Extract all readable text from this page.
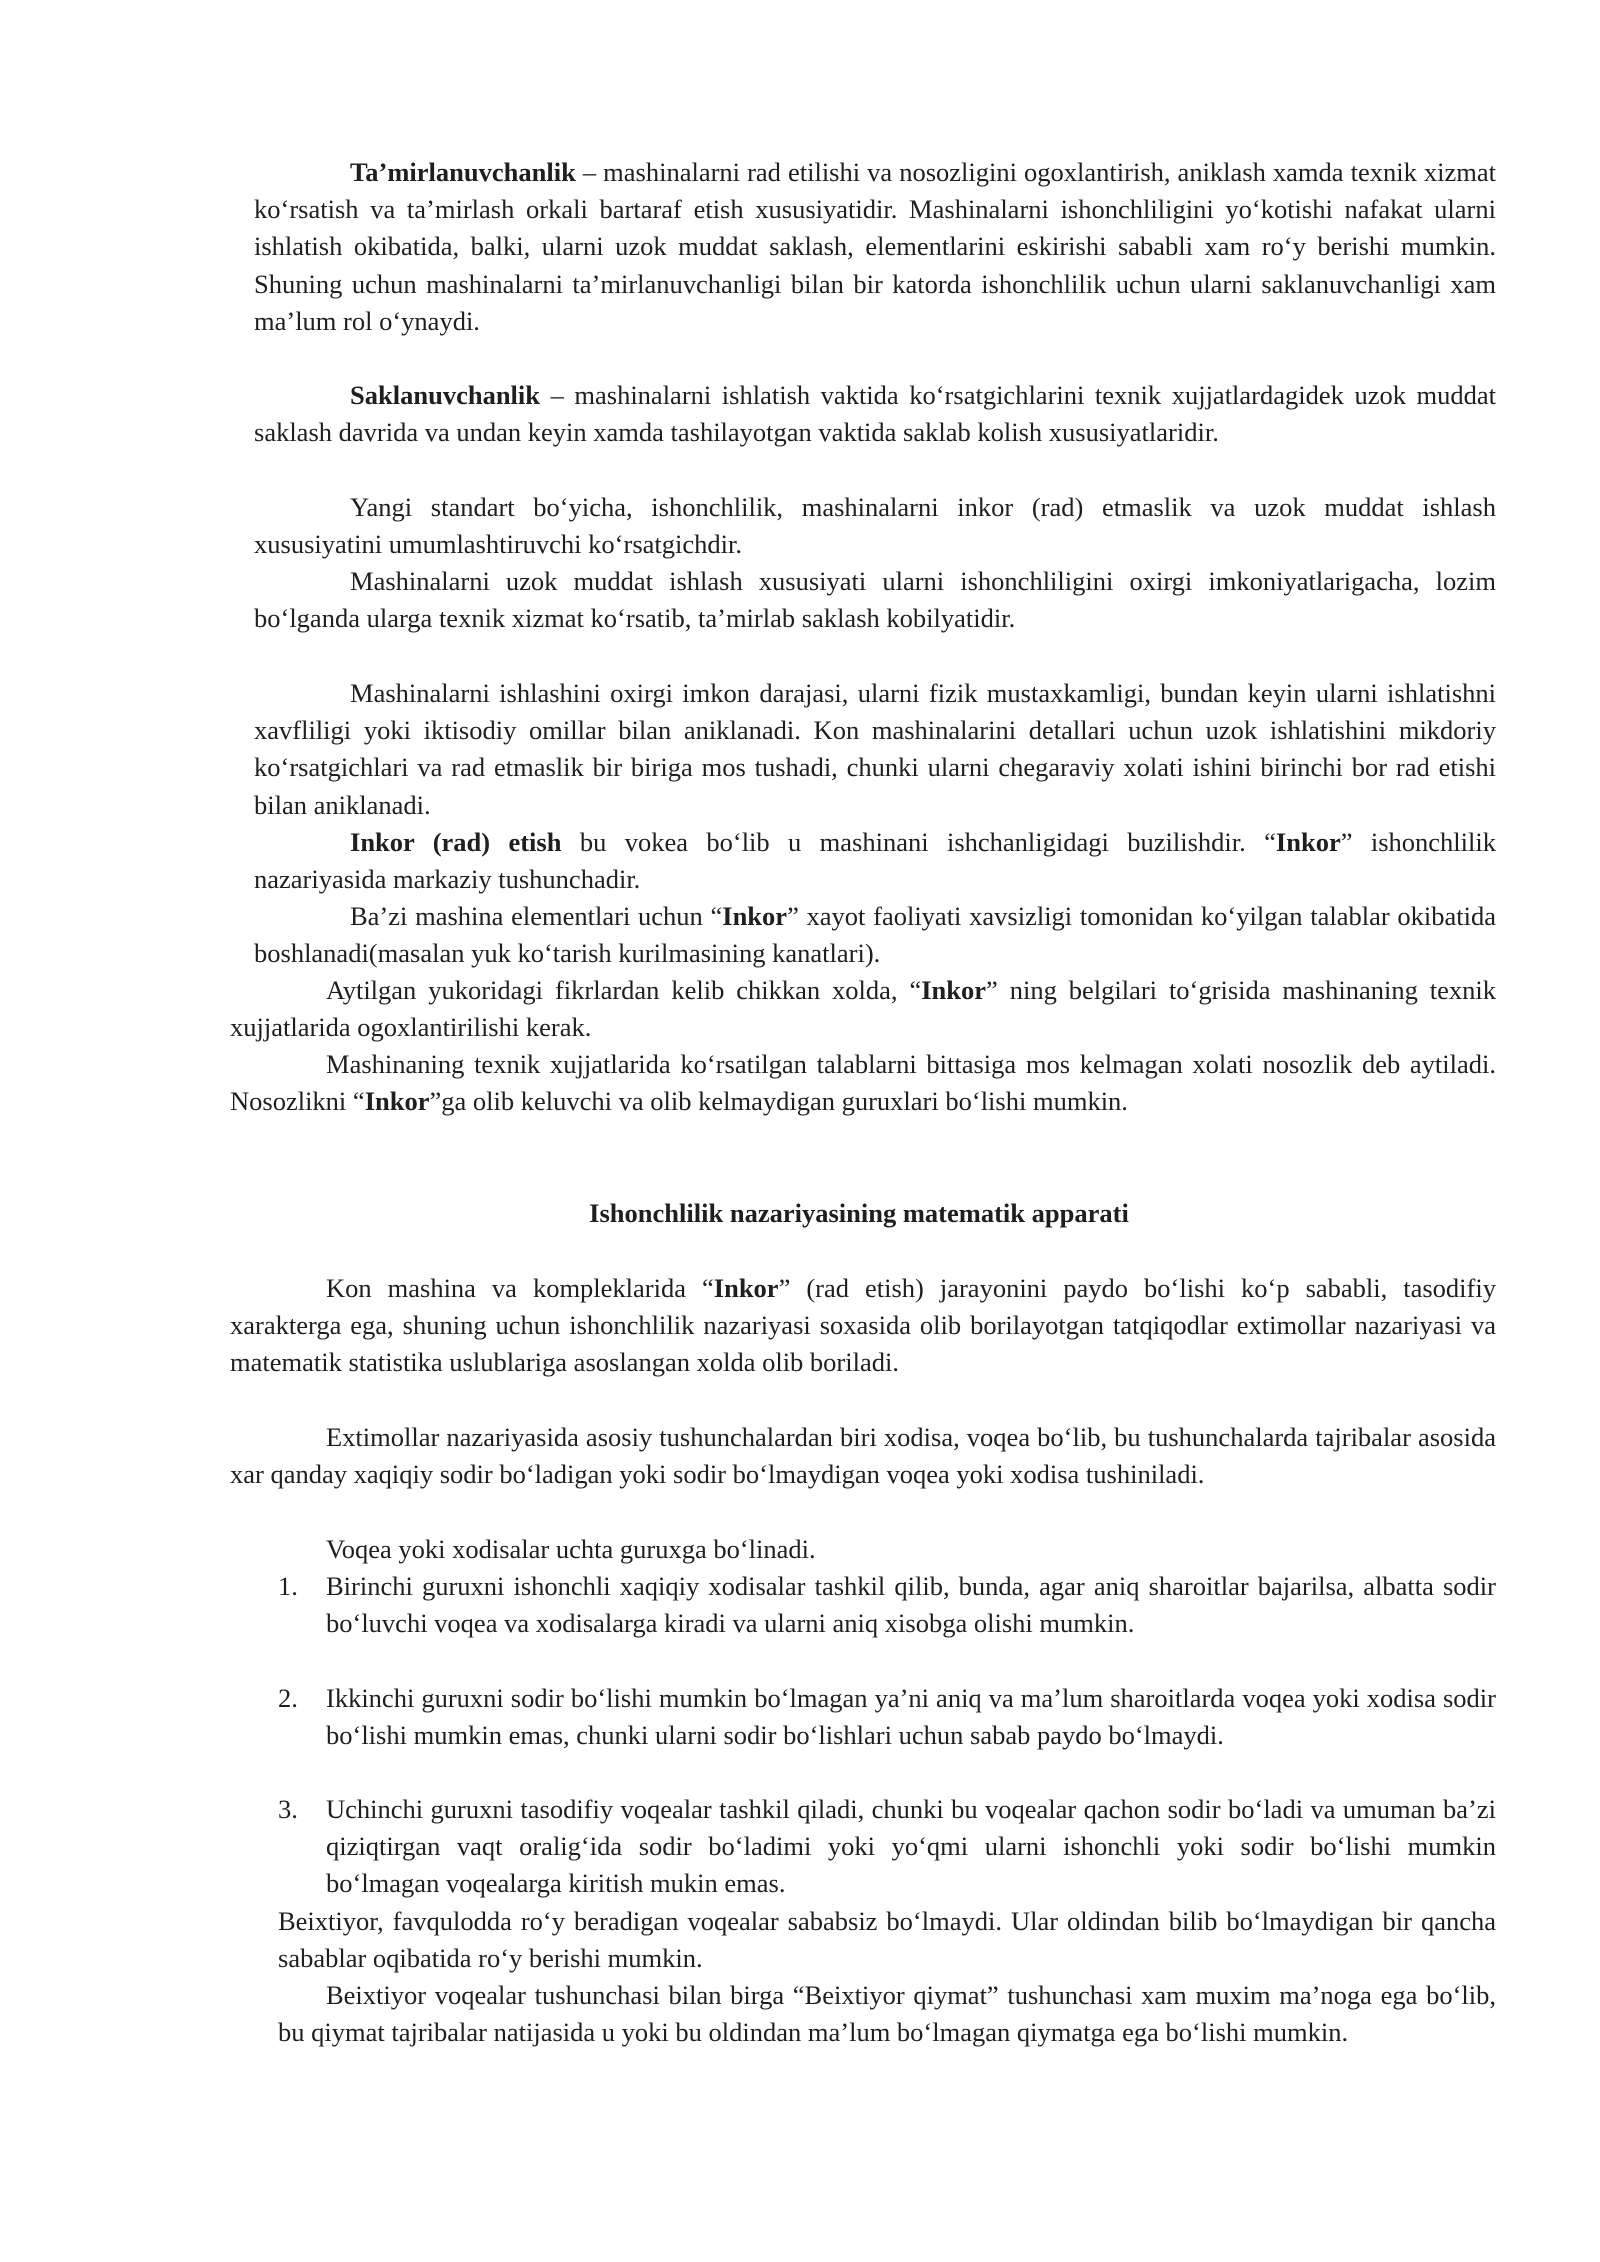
Ta’mirlanuvchanlik – mashinalarni rad etilishi va nosozligini ogoxlantirish, aniklash xamda texnik xizmat ko‘rsatish va ta’mirlash orkali bartaraf etish xususiyatidir. Mashinalarni ishonchliligini yo‘kotishi nafakat ularni ishlatish okibatida, balki, ularni uzok muddat saklash, elementlarini eskirishi sababli xam ro‘y berishi mumkin. Shuning uchun mashinalarni ta’mirlanuvchanligi bilan bir katorda ishonchlilik uchun ularni saklanuvchanligi xam ma’lum rol o‘ynaydi.

Saklanuvchanlik – mashinalarni ishlatish vaktida ko‘rsatgichlarini texnik xujjatlardagidek uzok muddat saklash davrida va undan keyin xamda tashilayotgan vaktida saklab kolish xususiyatlaridir.

Yangi standart bo‘yicha, ishonchlilik, mashinalarni inkor (rad) etmaslik va uzok muddat ishlash xususiyatini umumlashtiruvchi ko‘rsatgichdir.

Mashinalarni uzok muddat ishlash xususiyati ularni ishonchliligini oxirgi imkoniyatlarigacha, lozim bo‘lganda ularga texnik xizmat ko‘rsatib, ta’mirlab saklash kobilyatidir.

Mashinalarni ishlashini oxirgi imkon darajasi, ularni fizik mustaxkamligi, bundan keyin ularni ishlatishni xavfliligi yoki iktisodiy omillar bilan aniklanadi. Kon mashinalarini detallari uchun uzok ishlatishini mikdoriy ko‘rsatgichlari va rad etmaslik bir biriga mos tushadi, chunki ularni chegaraviy xolati ishini birinchi bor rad etishi bilan aniklanadi.

Inkor (rad) etish bu vokea bo‘lib u mashinani ishchanligidagi buzilishdir. “Inkor” ishonchlilik nazariyasida markaziy tushunchadir.

Ba’zi mashina elementlari uchun “Inkor” xayot faoliyati xavsizligi tomonidan ko‘yilgan talablar okibatida boshlanadi(masalan yuk ko‘tarish kurilmasining kanatlari).

Aytilgan yukoridagi fikrlardan kelib chikkan xolda, “Inkor” ning belgilari to‘grisida mashinaning texnik xujjatlarida ogoxlantirilishi kerak.

Mashinaning texnik xujjatlarida ko‘rsatilgan talablarni bittasiga mos kelmagan xolati nosozlik deb aytiladi. Nosozlikni “Inkor”ga olib keluvchi va olib kelmaydigan guruxlari bo‘lishi mumkin.

Ishonchlilik nazariyasining matematik apparati

Kon mashina va kompleklarida “Inkor” (rad etish) jarayonini paydo bo‘lishi ko‘p sababli, tasodifiy xarakterga ega, shuning uchun ishonchlilik nazariyasi soxasida olib borilayotgan tatqiqodlar extimollar nazariyasi va matematik statistika uslublariga asoslangan xolda olib boriladi.

Extimollar nazariyasida asosiy tushunchalardan biri xodisa, voqea bo‘lib, bu tushunchalarda tajribalar asosida xar qanday xaqiqiy sodir bo‘ladigan yoki sodir bo‘lmaydigan voqea yoki xodisa tushiniladi.

Voqea yoki xodisalar uchta guruxga bo‘linadi.

1. Birinchi guruxni ishonchli xaqiqiy xodisalar tashkil qilib, bunda, agar aniq sharoitlar bajarilsa, albatta sodir bo‘luvchi voqea va xodisalarga kiradi va ularni aniq xisobga olishi mumkin.

2. Ikkinchi guruxni sodir bo‘lishi mumkin bo‘lmagan ya’ni aniq va ma’lum sharoitlarda voqea yoki xodisa sodir bo‘lishi mumkin emas, chunki ularni sodir bo‘lishlari uchun sabab paydo bo‘lmaydi.

3. Uchinchi guruxni tasodifiy voqealar tashkil qiladi, chunki bu voqealar qachon sodir bo‘ladi va umuman ba’zi qiziqtirgan vaqt oralig‘ida sodir bo‘ladimi yoki yo‘qmi ularni ishonchli yoki sodir bo‘lishi mumkin bo‘lmagan voqealarga kiritish mukin emas.

Beixtiyor, favqulodda ro‘y beradigan voqealar sababsiz bo‘lmaydi. Ular oldindan bilib bo‘lmaydigan bir qancha sabablar oqibatida ro‘y berishi mumkin.

Beixtiyor voqealar tushunchasi bilan birga “Beixtiyor qiymat” tushunchasi xam muxim ma’noga ega bo‘lib, bu qiymat tajribalar natijasida u yoki bu oldindan ma’lum bo‘lmagan qiymatga ega bo‘lishi mumkin.
